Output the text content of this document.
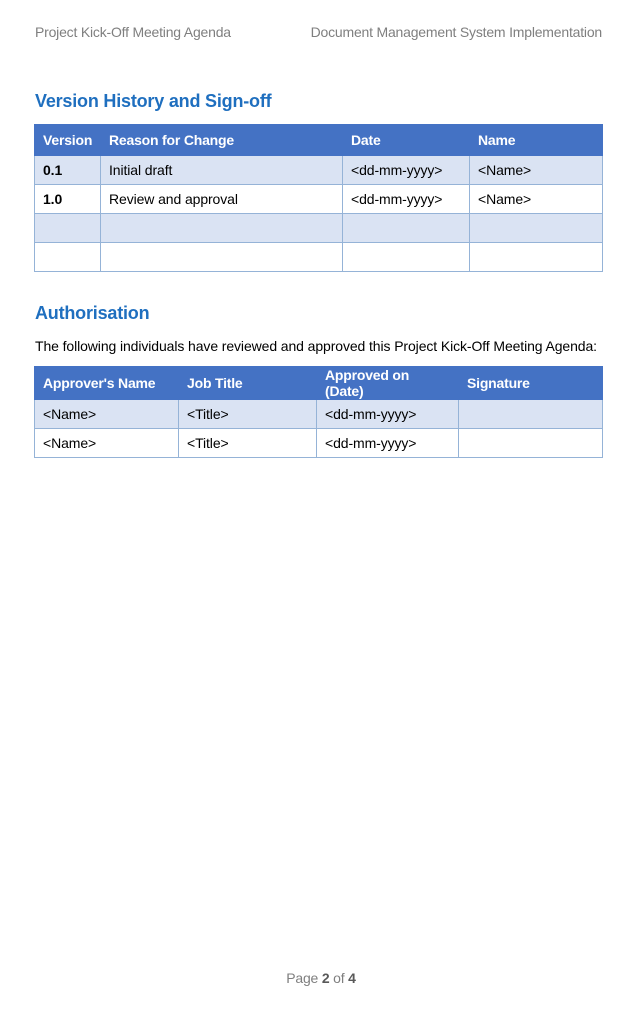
Project Kick-Off Meeting Agenda	Document Management System Implementation
Version History and Sign-off
Version	Reason for Change	Date	Name
0.1	Initial draft	<dd-mm-yyyy>	<Name>
1.0	Review and approval	<dd-mm-yyyy>	<Name>

Authorisation

The following individuals have reviewed and approved this Project Kick-Off Meeting Agenda:

Approver's Name	Job Title	Approved on (Date)	Signature
<Name>	<Title>	<dd-mm-yyyy>	
<Name>	<Title>	<dd-mm-yyyy>	
Page 2 of 4
